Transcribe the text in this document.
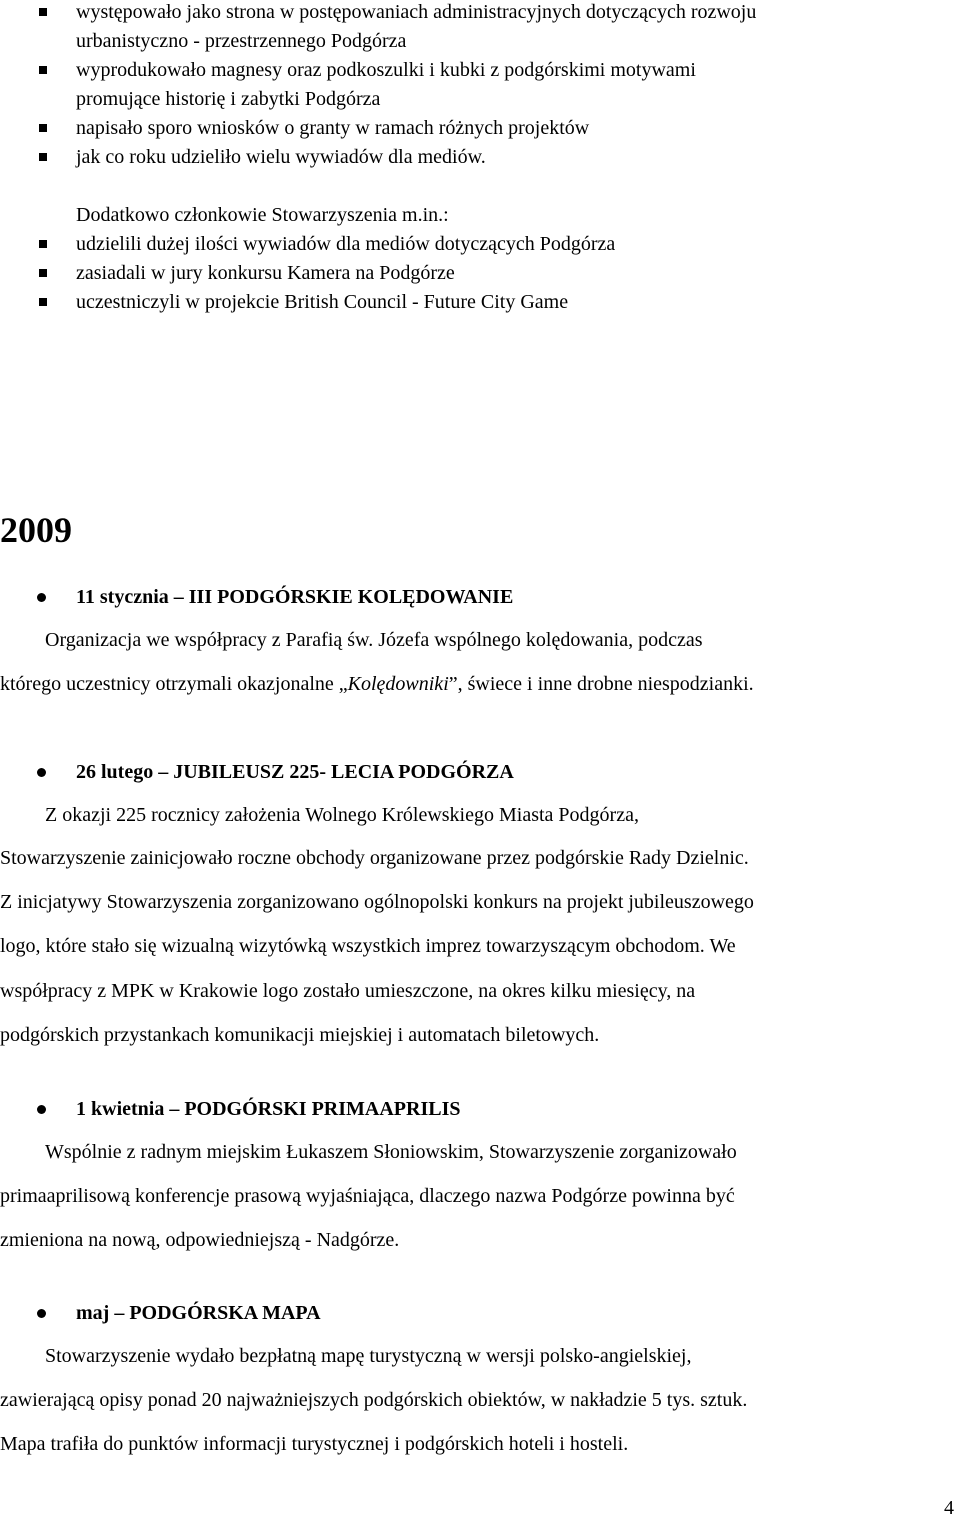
występowało jako strona w postępowaniach administracyjnych dotyczących rozwoju
urbanistyczno - przestrzennego Podgórza
wyprodukowało magnesy oraz podkoszulki i kubki z podgórskimi motywami
promujące historię i zabytki Podgórza
napisało sporo wniosków o granty w ramach różnych projektów
jak co roku udzieliło wielu wywiadów dla mediów.
Dodatkowo członkowie Stowarzyszenia m.in.:
udzielili dużej ilości wywiadów dla mediów dotyczących Podgórza
zasiadali w jury konkursu Kamera na Podgórze
uczestniczyli w projekcie British Council - Future City Game
2009
11 stycznia – III PODGÓRSKIE KOLĘDOWANIE
Organizacja we współpracy z Parafią św. Józefa wspólnego kolędowania, podczas
którego uczestnicy otrzymali okazjonalne „Kolędowniki”, świece i inne drobne niespodzianki.
26 lutego – JUBILEUSZ 225- LECIA PODGÓRZA
Z okazji 225 rocznicy założenia Wolnego Królewskiego Miasta Podgórza,
Stowarzyszenie zainicjowało roczne obchody organizowane przez podgórskie Rady Dzielnic.
Z inicjatywy Stowarzyszenia zorganizowano ogólnopolski konkurs na projekt jubileuszowego
logo, które stało się wizualną wizytówką wszystkich imprez towarzyszącym obchodom. We
współpracy z MPK w Krakowie logo zostało umieszczone, na okres kilku miesięcy, na
podgórskich przystankach komunikacji miejskiej i automatach biletowych.
1 kwietnia – PODGÓRSKI PRIMAAPRILIS
Wspólnie z radnym miejskim Łukaszem Słoniowskim, Stowarzyszenie zorganizowało
primaaprilisową konferencje prasową wyjaśniająca, dlaczego nazwa Podgórze powinna być
zmieniona na nową, odpowiedniejszą - Nadgórze.
maj – PODGÓRSKA MAPA
Stowarzyszenie wydało bezpłatną mapę turystyczną w wersji polsko-angielskiej,
zawierającą opisy ponad 20 najważniejszych podgórskich obiektów, w nakładzie 5 tys. sztuk.
Mapa trafiła do punktów informacji turystycznej i podgórskich hoteli i hosteli.
4
